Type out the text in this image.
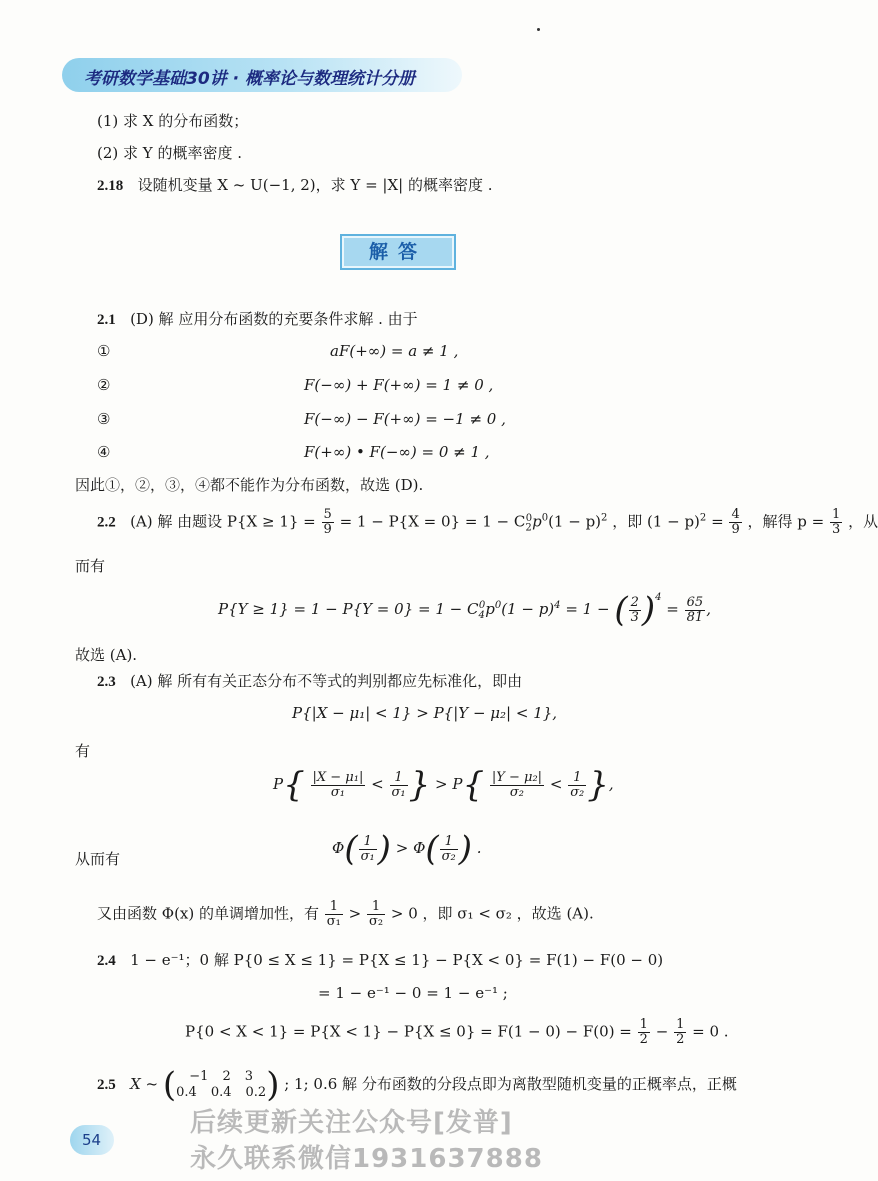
考研数学基础30讲 · 概率论与数理统计分册
(1) 求 X 的分布函数；
(2) 求 Y 的概率密度 .
2.18 设随机变量 X ~ U(−1, 2)，求 Y = |X| 的概率密度 .
解答
2.1 (D) 解 应用分布函数的充要条件求解 . 由于
①	aF(+∞) = a ≠ 1 ,
②	F(−∞) + F(+∞) = 1 ≠ 0 ,
③	F(−∞) − F(+∞) = −1 ≠ 0 ,
④	F(+∞) • F(−∞) = 0 ≠ 1 ,
因此①，②，③，④都不能作为分布函数，故选 (D).
2.2 (A) 解 由题设 $P\{X \ge 1\} = \frac{5}{9} = 1 - P\{X = 0\} = 1 - C_2^0p^0(1 - p)^2$ ，即 $(1 - p)^2 = \frac{4}{9}$ ，解得 $p = \frac{1}{3}$ ，从
而有
$P\{Y \ge 1\} = 1 - P\{Y = 0\} = 1 - C_4^0p^0(1 - p)^4 = 1$ − ( $\frac{2}{3} )^4 = \frac{65}{81}$ ,
故选 (A).
2.3 (A) 解 所有有关正态分布不等式的判别都应先标准化，即由
P{|X − μ₁| < 1} > P{|Y − μ₂| < 1},
有
$P\{ \frac{\text{|X − μ₁|}}{\text{σ₁}} < \frac{1}{\text{σ₁}}$ } > $P\{ \frac{\text{|Y − μ₂|}}{\text{σ₂}} < \frac{1}{\text{σ₂}}$ },
从而有
$\Phi( \frac{1}{\text{σ₁}}$ ) > $\Phi( \frac{1}{\text{σ₂}}$ ) .
又由函数 Φ(x) 的单调增加性，有 $\frac{1}{\text{σ₁}} > \frac{1}{\text{σ₂}} > 0$ ，即 σ₁ < σ₂ ，故选 (A).
2.4 1 − e⁻¹；0 解 P{0 ≤ X ≤ 1} = P{X ≤ 1} − P{X < 0} = F(1) − F(0 − 0)
= 1 − e⁻¹ − 0 = 1 − e⁻¹ ;
$P\{0 < X < 1\} = P\{X < 1\} - P\{X \le 0\} = F(1 - 0) - F(0) = \frac{1}{2} - \frac{1}{2} = 0$ .
2.5 X ~ ( −1 2 3
0.4 0.4 0.2 ) ; 1; 0.6 解 分布函数的分段点即为离散型随机变量的正概率点，正概
后续更新关注公众号[发普]
永久联系微信1931637888
54
